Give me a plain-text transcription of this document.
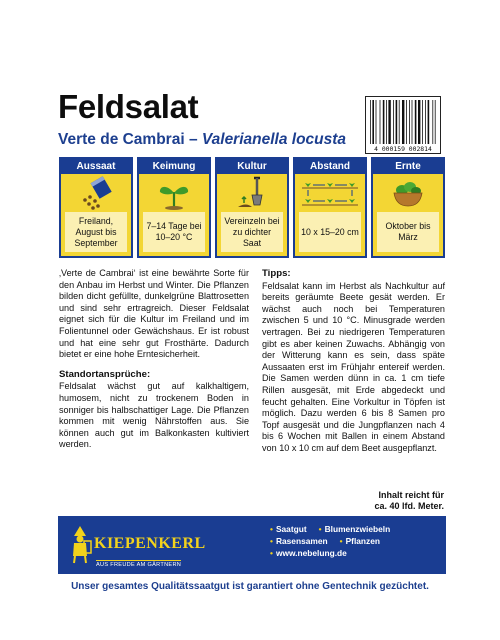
Feldsalat
Verte de Cambrai – Valerianella locusta
4 000159 002814
Aussaat
Freiland, August bis September
Keimung
7–14 Tage bei 10–20 °C
Kultur
Vereinzeln bei zu dichter Saat
Abstand
10 x 15–20 cm
Ernte
Oktober bis März
‚Verte de Cambrai‘ ist eine bewährte Sorte für den Anbau im Herbst und Winter. Die Pflanzen bilden dicht gefüllte, dunkelgrüne Blattrosetten und sind sehr ertragreich. Dieser Feldsalat eignet sich für die Kultur im Freiland und im Folientunnel oder Gewächshaus. Er ist robust und hat eine sehr gut Frosthärte. Dadurch bietet er eine hohe Erntesicherheit.
Standortansprüche:
Feldsalat wächst gut auf kalkhaltigem, humosem, nicht zu trockenem Boden in sonniger bis halbschattiger Lage. Die Pflanzen kommen mit wenig Nährstoffen aus. Sie können auch gut im Balkonkasten kultiviert werden.
Tipps:
Feldsalat kann im Herbst als Nachkultur auf bereits geräumte Beete gesät werden. Er wächst auch noch bei Temperaturen zwischen 5 und 10 °C. Minusgrade werden vertragen. Bei zu niedrigeren Temperaturen gibt es aber keinen Zuwachs. Abhängig von der Witterung kann es sein, dass späte Aussaaten erst im Frühjahr entereif werden. Die Samen werden dünn in ca. 1 cm tiefe Rillen ausgesät, mit Erde abgedeckt und feucht gehalten. Eine Vorkultur in Töpfen ist möglich. Dazu werden 6 bis 8 Samen pro Topf ausgesät und die Jungpflanzen nach 4 bis 6 Wochen mit Ballen in einem Abstand von 10 x 10 cm auf dem Beet ausgepflanzt.
Inhalt reicht für
ca. 40 lfd. Meter.
KIEPENKERL
AUS FREUDE AM GÄRTNERN
• Saatgut • Blumenzwiebeln
• Rasensamen • Pflanzen
• www.nebelung.de
Unser gesamtes Qualitätssaatgut ist garantiert ohne Gentechnik gezüchtet.
